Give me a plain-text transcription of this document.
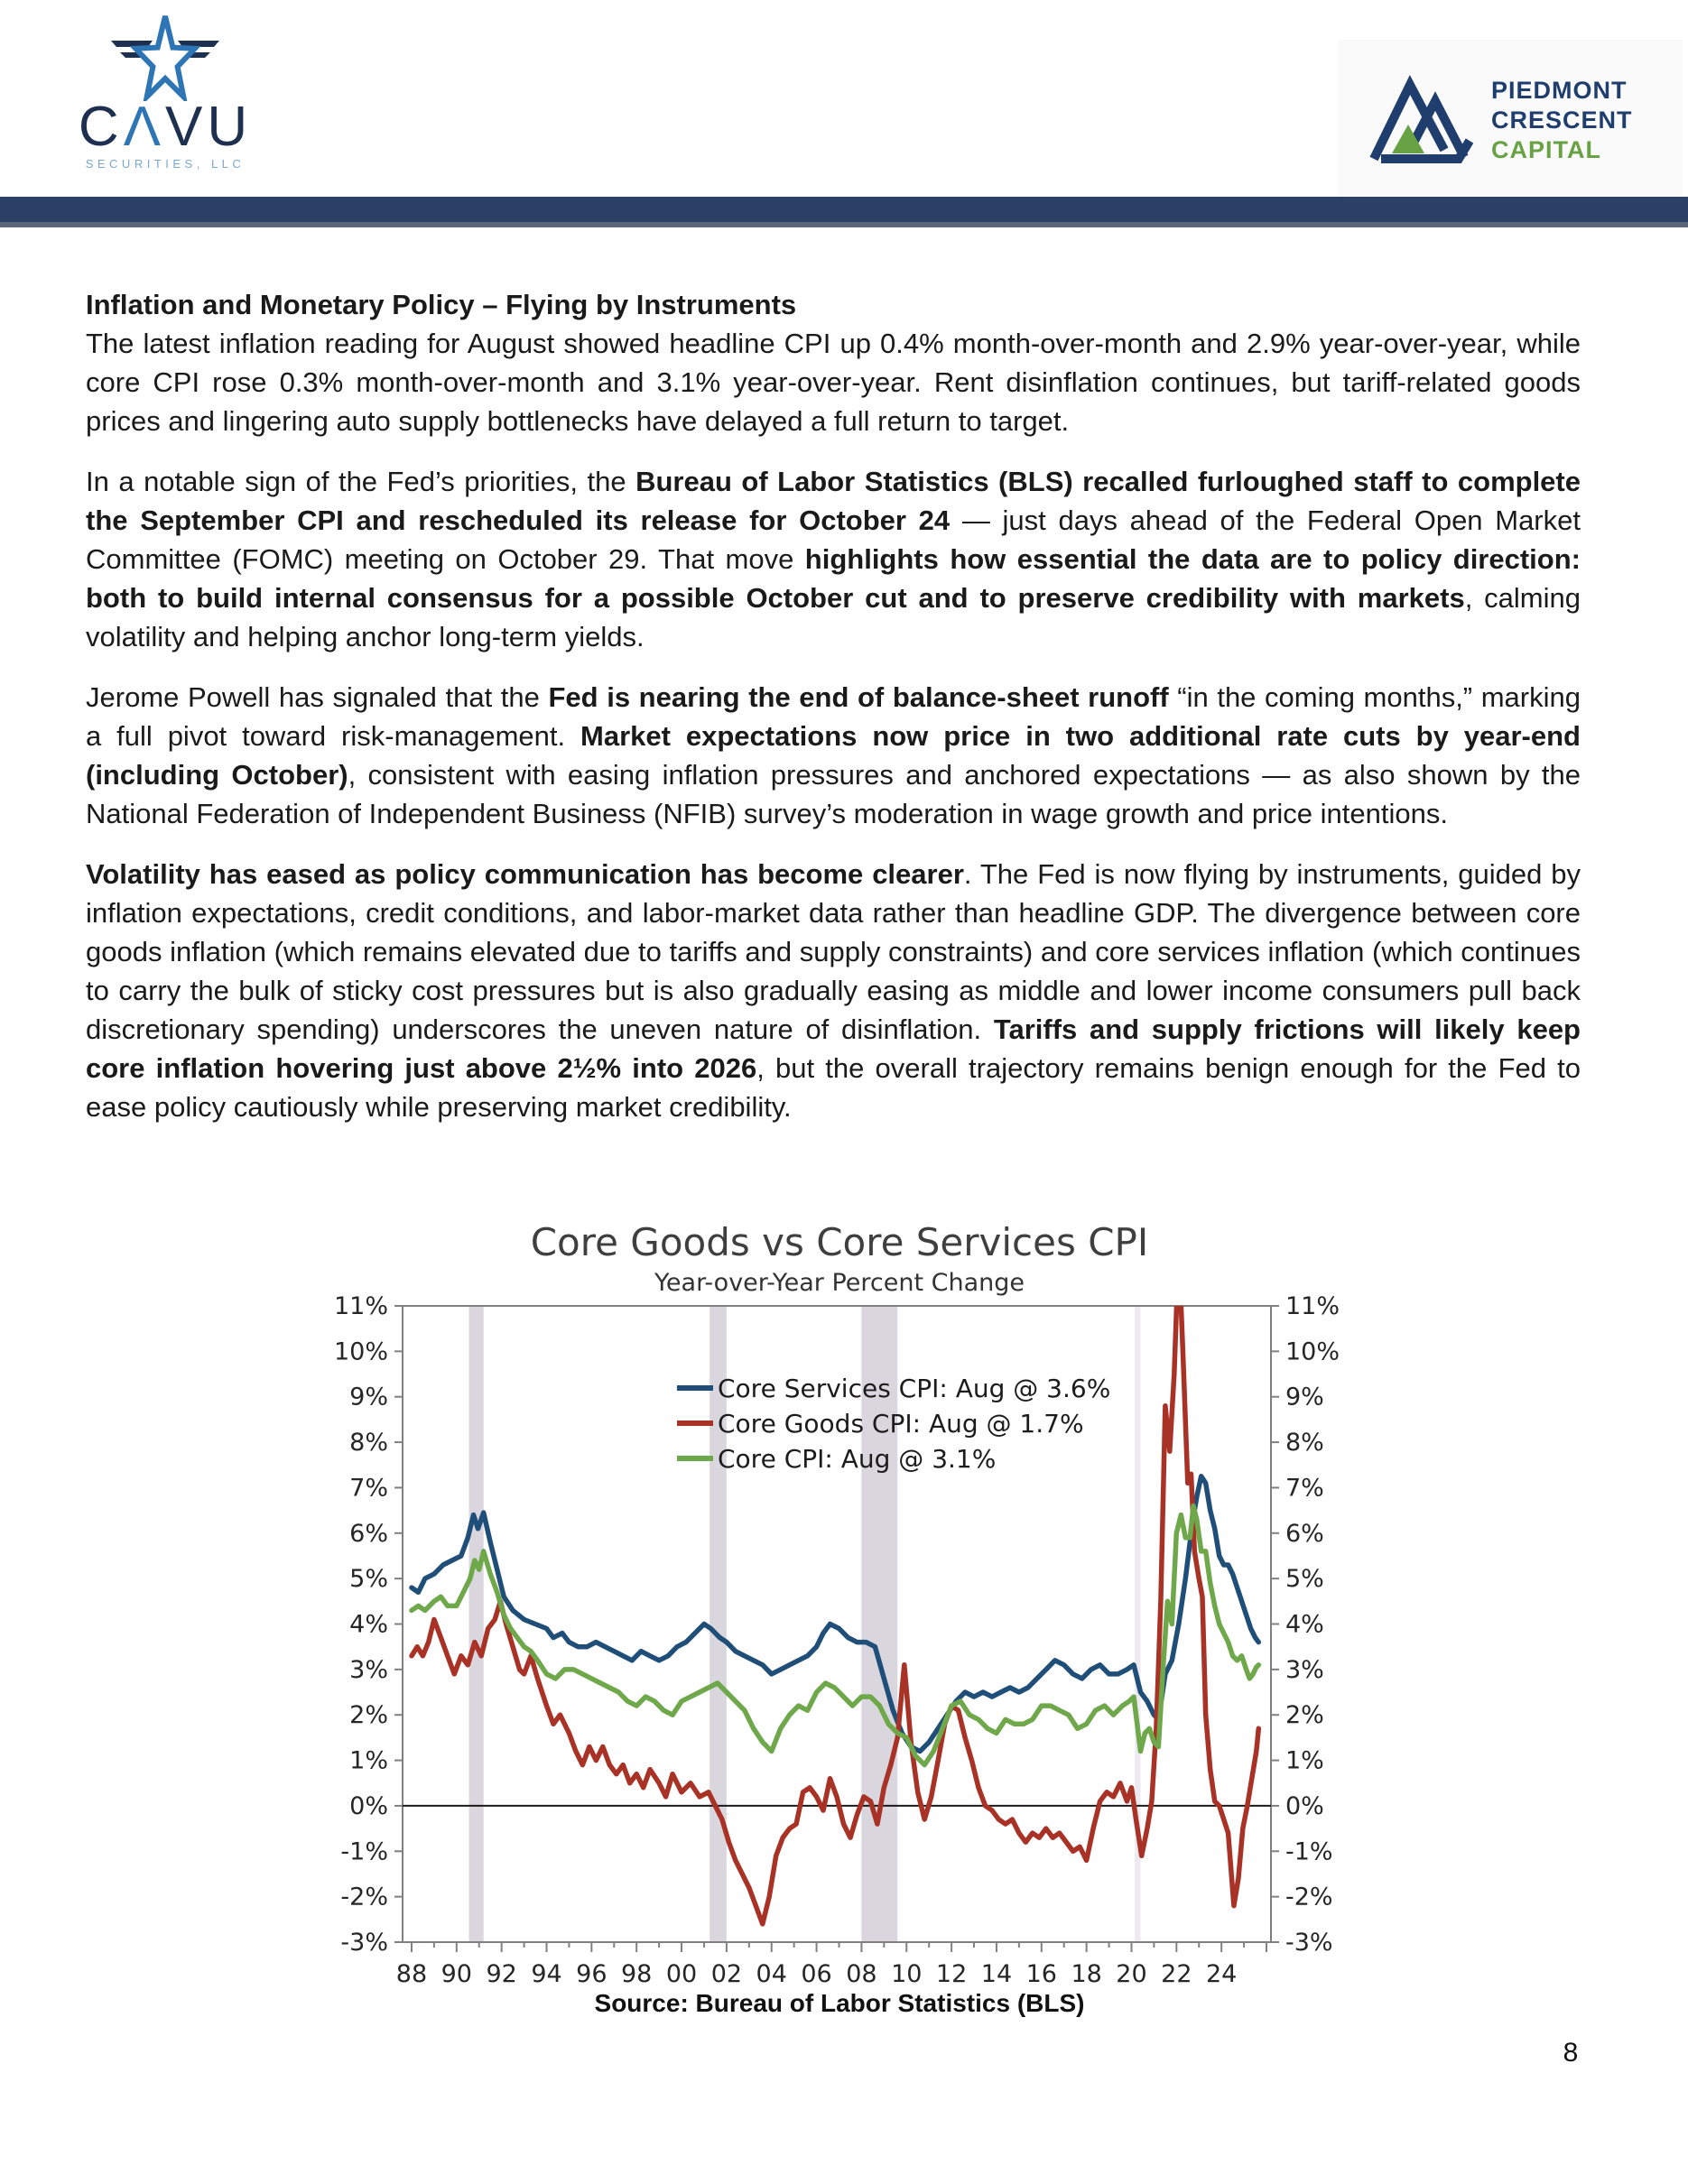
CΛVU
SECURITIES, LLC
PIEDMONT
CRESCENT
CAPITAL
Inflation and Monetary Policy – Flying by Instruments

The latest inflation reading for August showed headline CPI up 0.4% month-over-month and 2.9% year-over-year, while core CPI rose 0.3% month-over-month and 3.1% year-over-year. Rent disinflation continues, but tariff-related goods prices and lingering auto supply bottlenecks have delayed a full return to target.

In a notable sign of the Fed’s priorities, the Bureau of Labor Statistics (BLS) recalled furloughed staff to complete the September CPI and rescheduled its release for October 24 — just days ahead of the Federal Open Market Committee (FOMC) meeting on October 29. That move highlights how essential the data are to policy direction: both to build internal consensus for a possible October cut and to preserve credibility with markets, calming volatility and helping anchor long-term yields.

Jerome Powell has signaled that the Fed is nearing the end of balance-sheet runoff “in the coming months,” marking a full pivot toward risk-management. Market expectations now price in two additional rate cuts by year-end (including October), consistent with easing inflation pressures and anchored expectations — as also shown by the National Federation of Independent Business (NFIB) survey’s moderation in wage growth and price intentions.

Volatility has eased as policy communication has become clearer. The Fed is now flying by instruments, guided by inflation expectations, credit conditions, and labor-market data rather than headline GDP. The divergence between core goods inflation (which remains elevated due to tariffs and supply constraints) and core services inflation (which continues to carry the bulk of sticky cost pressures but is also gradually easing as middle and lower income consumers pull back discretionary spending) underscores the uneven nature of disinflation. Tariffs and supply frictions will likely keep core inflation hovering just above 2½% into 2026, but the overall trajectory remains benign enough for the Fed to ease policy cautiously while preserving market credibility.

Core Goods vs Core Services CPI
Year-over-Year Percent Change
-3%	-3%
-2%	-2%
-1%	-1%
0%	0%
1%	1%
2%	2%
3%	3%
4%	4%
5%	5%
6%	6%
7%	7%
8%	8%
9%	9%
10%	10%
11%	11%
88 90 92 94 96 98 00 02 04 06 08 10 12 14 16 18 20 22 24
Core Services CPI: Aug @ 3.6%
Core Goods CPI: Aug @ 1.7%
Core CPI: Aug @ 3.1%
Source: Bureau of Labor Statistics (BLS)
8
